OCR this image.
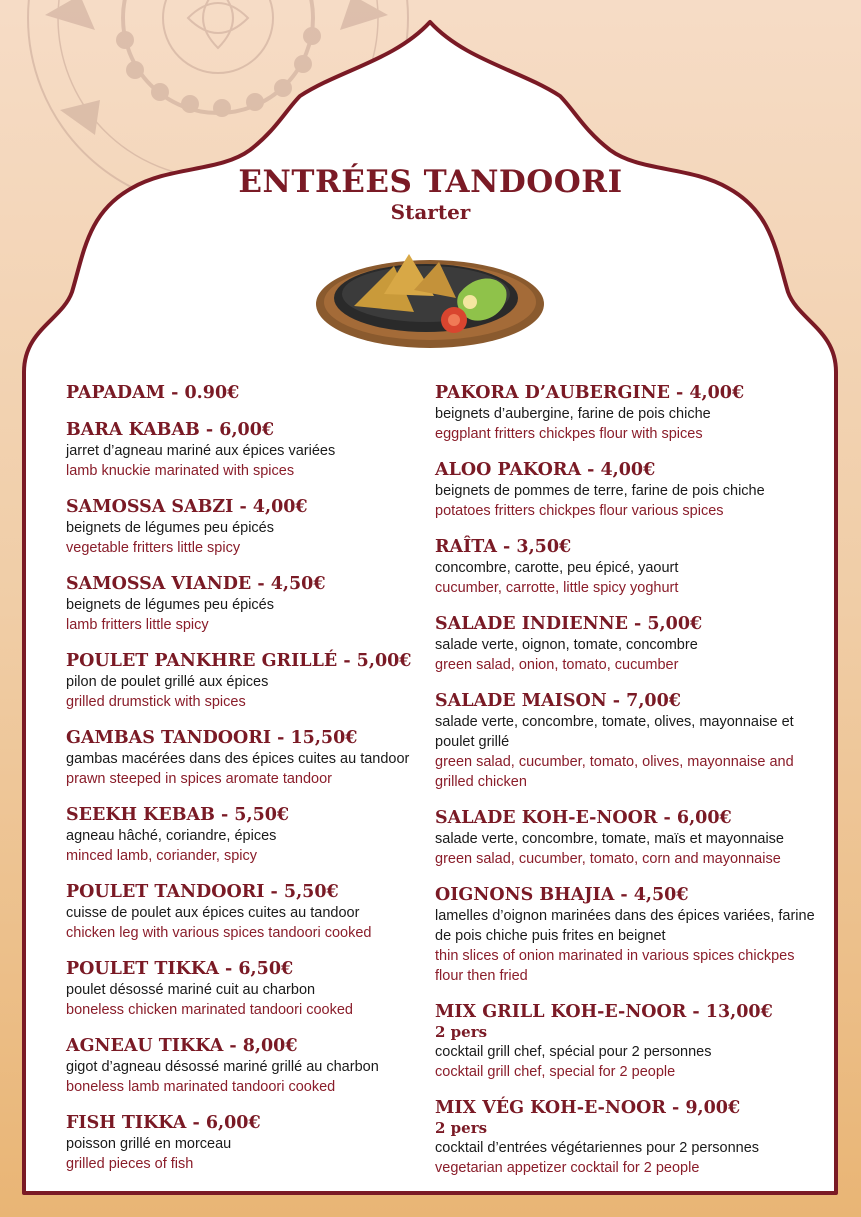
ENTRÉES TANDOORI
Starter
PAPADAM - 0.90€
BARA KABAB - 6,00€
jarret d’agneau mariné aux épices variées
lamb knuckie marinated with spices
SAMOSSA SABZI - 4,00€
beignets de légumes peu épicés
vegetable fritters little spicy
SAMOSSA VIANDE - 4,50€
beignets de légumes peu épicés
lamb fritters little spicy
POULET PANKHRE GRILLÉ - 5,00€
pilon de poulet grillé aux épices
grilled drumstick with spices
GAMBAS TANDOORI - 15,50€
gambas macérées dans des épices cuites au tandoor
prawn steeped in spices aromate tandoor
SEEKH KEBAB - 5,50€
agneau hâché, coriandre, épices
minced lamb, coriander, spicy
POULET TANDOORI - 5,50€
cuisse de poulet aux épices cuites au tandoor
chicken leg with various spices tandoori cooked
POULET TIKKA - 6,50€
poulet désossé mariné cuit au charbon
boneless chicken marinated tandoori cooked
AGNEAU TIKKA - 8,00€
gigot d’agneau désossé mariné grillé au charbon
boneless lamb marinated tandoori cooked
FISH TIKKA - 6,00€
poisson grillé en morceau
grilled pieces of fish
PAKORA D’AUBERGINE - 4,00€
beignets d’aubergine, farine de pois chiche
eggplant fritters chickpes flour with spices
ALOO PAKORA - 4,00€
beignets de pommes de terre, farine de pois chiche
potatoes fritters chickpes flour various spices
RAÎTA - 3,50€
concombre, carotte, peu épicé, yaourt
cucumber, carrotte, little spicy yoghurt
SALADE INDIENNE - 5,00€
salade verte, oignon, tomate, concombre
green salad, onion, tomato, cucumber
SALADE MAISON - 7,00€
salade verte, concombre, tomate, olives, mayonnaise et poulet grillé
green salad, cucumber, tomato, olives, mayonnaise and grilled chicken
SALADE KOH-E-NOOR - 6,00€
salade verte, concombre, tomate, maïs et mayonnaise
green salad, cucumber, tomato, corn and mayonnaise
OIGNONS BHAJIA - 4,50€
lamelles d’oignon marinées dans des épices variées, farine de pois chiche puis frites en beignet
thin slices of onion marinated in various spices chickpes flour then fried
MIX GRILL KOH-E-NOOR - 13,00€
2 pers
cocktail grill chef, spécial pour 2 personnes
cocktail grill chef, special for 2 people
MIX VÉG KOH-E-NOOR - 9,00€
2 pers
cocktail d’entrées végétariennes pour 2 personnes
vegetarian appetizer cocktail for 2 people
